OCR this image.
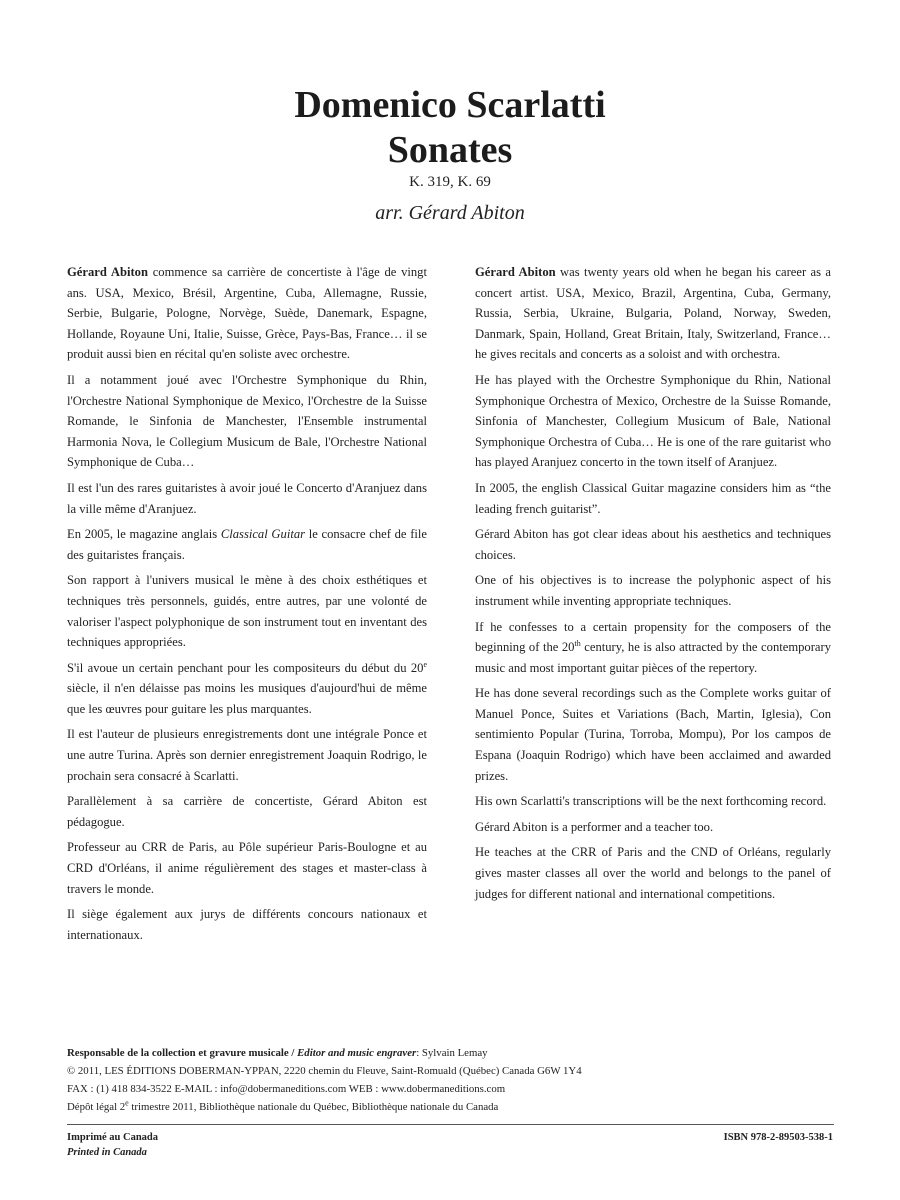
Domenico Scarlatti
Sonates
K. 319, K. 69
arr. Gérard Abiton

Gérard Abiton commence sa carrière de concertiste à l'âge de vingt ans. USA, Mexico, Brésil, Argentine, Cuba, Allemagne, Russie, Serbie, Bulgarie, Pologne, Norvège, Suède, Danemark, Espagne, Hollande, Royaune Uni, Italie, Suisse, Grèce, Pays-Bas, France… il se produit aussi bien en récital qu'en soliste avec orchestre.

Il a notamment joué avec l'Orchestre Symphonique du Rhin, l'Orchestre National Symphonique de Mexico, l'Orchestre de la Suisse Romande, le Sinfonia de Manchester, l'Ensemble instrumental Harmonia Nova, le Collegium Musicum de Bale, l'Orchestre National Symphonique de Cuba…

Il est l'un des rares guitaristes à avoir joué le Concerto d'Aranjuez dans la ville même d'Aranjuez.

En 2005, le magazine anglais Classical Guitar le consacre chef de file des guitaristes français.

Son rapport à l'univers musical le mène à des choix esthétiques et techniques très personnels, guidés, entre autres, par une volonté de valoriser l'aspect polyphonique de son instrument tout en inventant des techniques appropriées.

S'il avoue un certain penchant pour les compositeurs du début du 20e siècle, il n'en délaisse pas moins les musiques d'aujourd'hui de même que les œuvres pour guitare les plus marquantes.

Il est l'auteur de plusieurs enregistrements dont une intégrale Ponce et une autre Turina. Après son dernier enregistrement Joaquin Rodrigo, le prochain sera consacré à Scarlatti.

Parallèlement à sa carrière de concertiste, Gérard Abiton est pédagogue.

Professeur au CRR de Paris, au Pôle supérieur Paris-Boulogne et au CRD d'Orléans, il anime régulièrement des stages et master-class à travers le monde.

Il siège également aux jurys de différents concours nationaux et internationaux.

Gérard Abiton was twenty years old when he began his career as a concert artist. USA, Mexico, Brazil, Argentina, Cuba, Germany, Russia, Serbia, Ukraine, Bulgaria, Poland, Norway, Sweden, Danmark, Spain, Holland, Great Britain, Italy, Switzerland, France… he gives recitals and concerts as a soloist and with orchestra.

He has played with the Orchestre Symphonique du Rhin, National Symphonique Orchestra of Mexico, Orchestre de la Suisse Romande, Sinfonia of Manchester, Collegium Musicum of Bale, National Symphonique Orchestra of Cuba… He is one of the rare guitarist who has played Aranjuez concerto in the town itself of Aranjuez.

In 2005, the english Classical Guitar magazine considers him as “the leading french guitarist”.

Gérard Abiton has got clear ideas about his aesthetics and techniques choices.

One of his objectives is to increase the polyphonic aspect of his instrument while inventing appropriate techniques.

If he confesses to a certain propensity for the composers of the beginning of the 20th century, he is also attracted by the contemporary music and most important guitar pièces of the repertory.

He has done several recordings such as the Complete works guitar of Manuel Ponce, Suites et Variations (Bach, Martin, Iglesia), Con sentimiento Popular (Turina, Torroba, Mompu), Por los campos de Espana (Joaquin Rodrigo) which have been acclaimed and awarded prizes.

His own Scarlatti's transcriptions will be the next forthcoming record.

Gérard Abiton is a performer and a teacher too.

He teaches at the CRR of Paris and the CND of Orléans, regularly gives master classes all over the world and belongs to the panel of judges for different national and international competitions.

Responsable de la collection et gravure musicale / Editor and music engraver: Sylvain Lemay
© 2011, LES ÉDITIONS DOBERMAN-YPPAN, 2220 chemin du Fleuve, Saint-Romuald (Québec) Canada G6W 1Y4
FAX : (1) 418 834-3522 E-MAIL : info@dobermaneditions.com WEB : www.dobermaneditions.com
Dépôt légal 2e trimestre 2011, Bibliothèque nationale du Québec, Bibliothèque nationale du Canada
Imprimé au Canada
Printed in Canada
ISBN 978-2-89503-538-1
